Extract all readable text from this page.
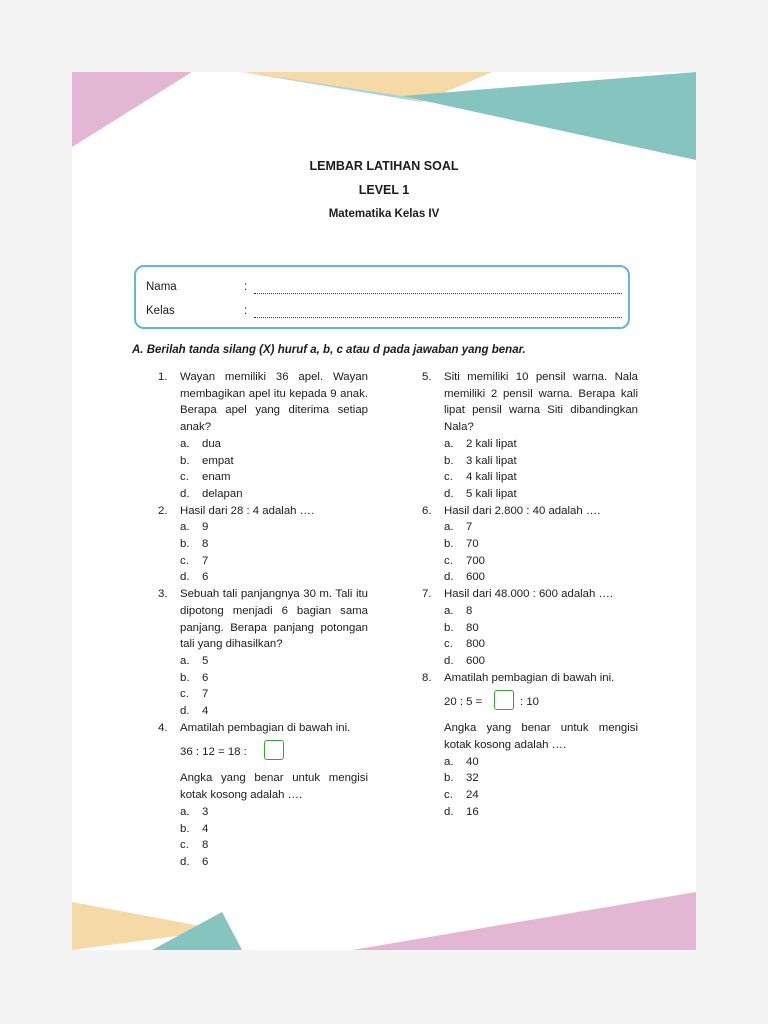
LEMBAR LATIHAN SOAL
LEVEL 1
Matematika Kelas IV
Nama	:
Kelas	:
A. Berilah tanda silang (X) huruf a, b, c atau d pada jawaban yang benar.
1. Wayan memiliki 36 apel. Wayan membagikan apel itu kepada 9 anak. Berapa apel yang diterima setiap anak?
a. dua
b. empat
c. enam
d. delapan
2. Hasil dari 28 : 4 adalah ….
a. 9
b. 8
c. 7
d. 6
3. Sebuah tali panjangnya 30 m. Tali itu dipotong menjadi 6 bagian sama panjang. Berapa panjang potongan tali yang dihasilkan?
a. 5
b. 6
c. 7
d. 4
4. Amatilah pembagian di bawah ini.
36 : 12 = 18 :
Angka yang benar untuk mengisi kotak kosong adalah ….
a. 3
b. 4
c. 8
d. 6
5. Siti memiliki 10 pensil warna. Nala memiliki 2 pensil warna. Berapa kali lipat pensil warna Siti dibandingkan Nala?
a. 2 kali lipat
b. 3 kali lipat
c. 4 kali lipat
d. 5 kali lipat
6. Hasil dari 2.800 : 40 adalah ….
a. 7
b. 70
c. 700
d. 600
7. Hasil dari 48.000 : 600 adalah ….
a. 8
b. 80
c. 800
d. 600
8. Amatilah pembagian di bawah ini.
20 : 5 =	: 10
Angka yang benar untuk mengisi kotak kosong adalah ….
a. 40
b. 32
c. 24
d. 16
